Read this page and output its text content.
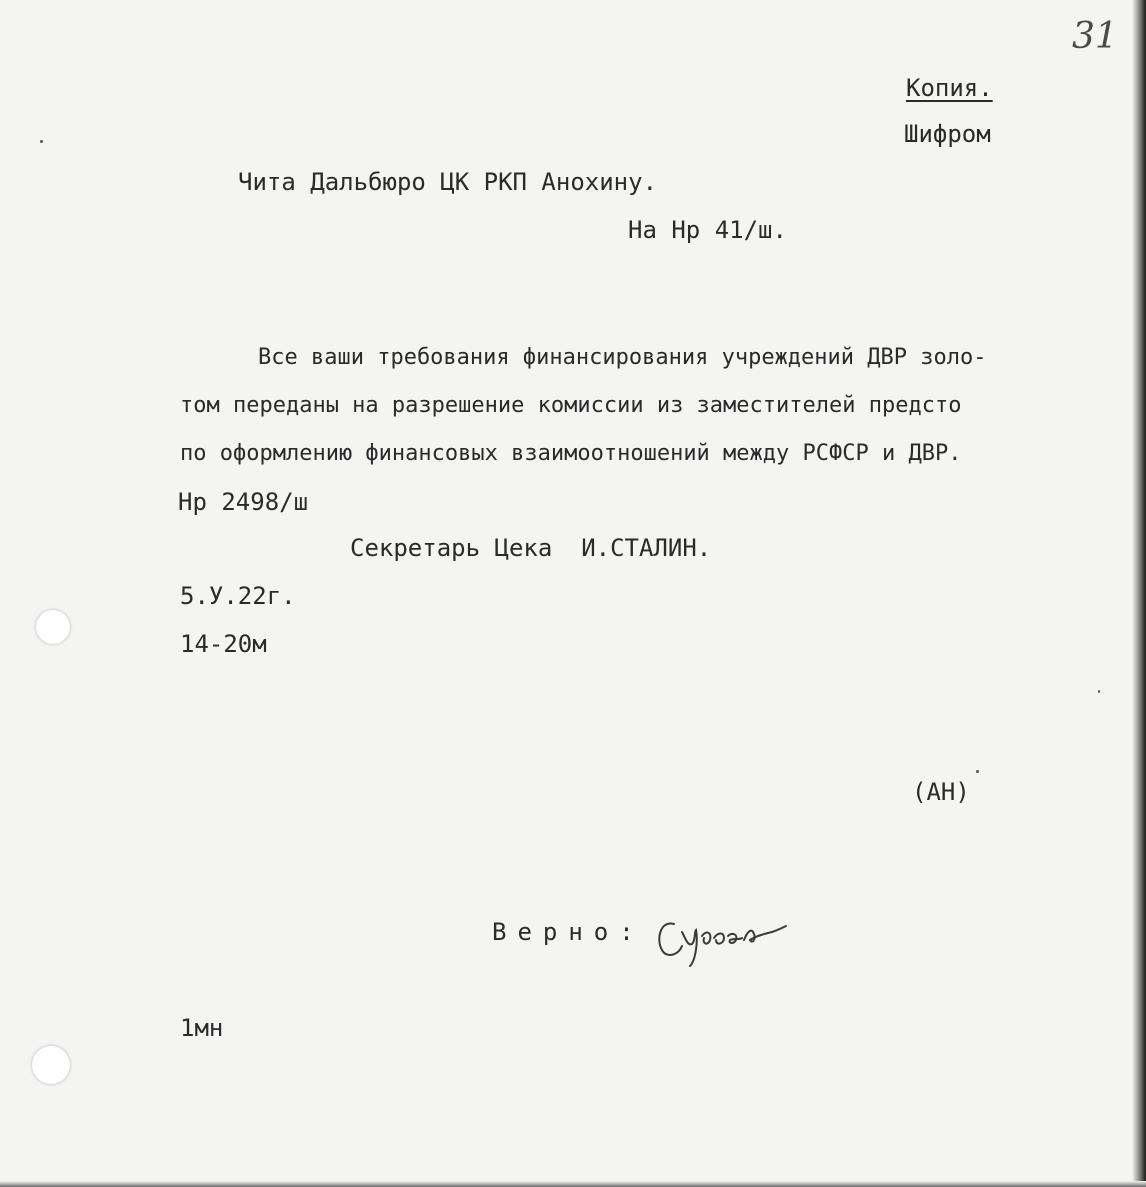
31

Копия.

Шифром

Чита Дальбюро ЦК РКП Анохину.

На Нр 41/ш.

Все ваши требования финансирования учреждений ДВР золо-

том переданы на разрешение комиссии из заместителей предсто

по оформлению финансовых взаимоотношений между РСФСР и ДВР.

Нр 2498/ш

Секретарь Цека  И.СТАЛИН.

5.У.22г.

14-20м

(АН)

Верно:

1мн
